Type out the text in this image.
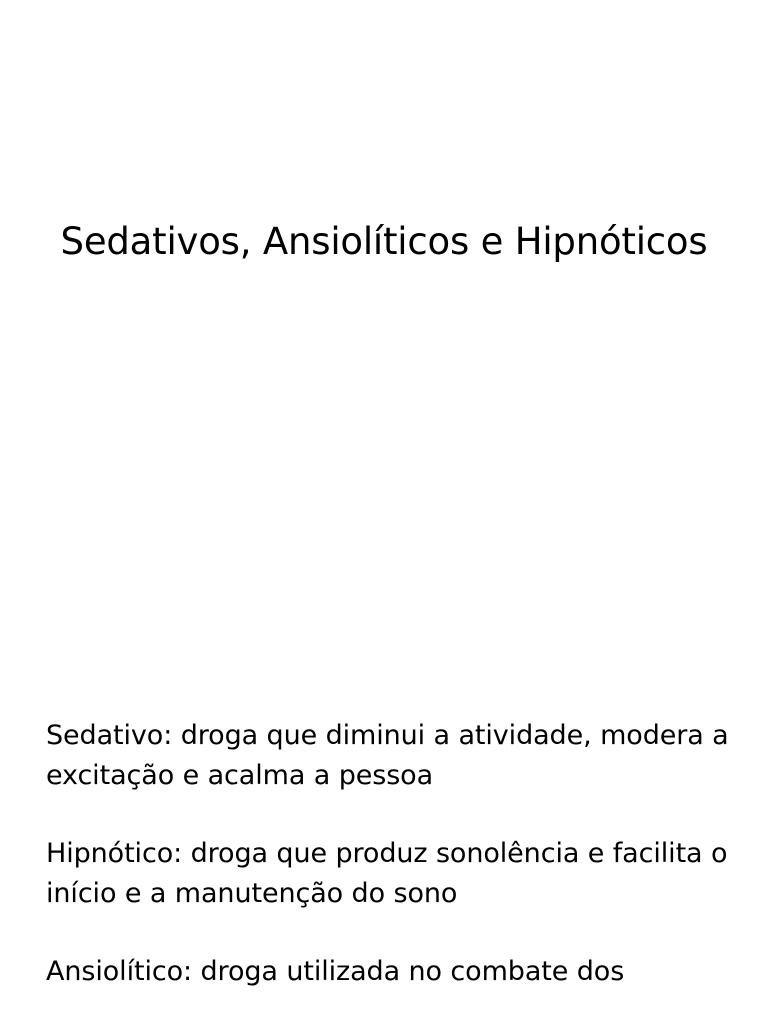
Sedativos, Ansiolíticos e Hipnóticos

Sedativo: droga que diminui a atividade, modera a excitação e acalma a pessoa

Hipnótico: droga que produz sonolência e facilita o início e a manutenção do sono

Ansiolítico: droga utilizada no combate dos
